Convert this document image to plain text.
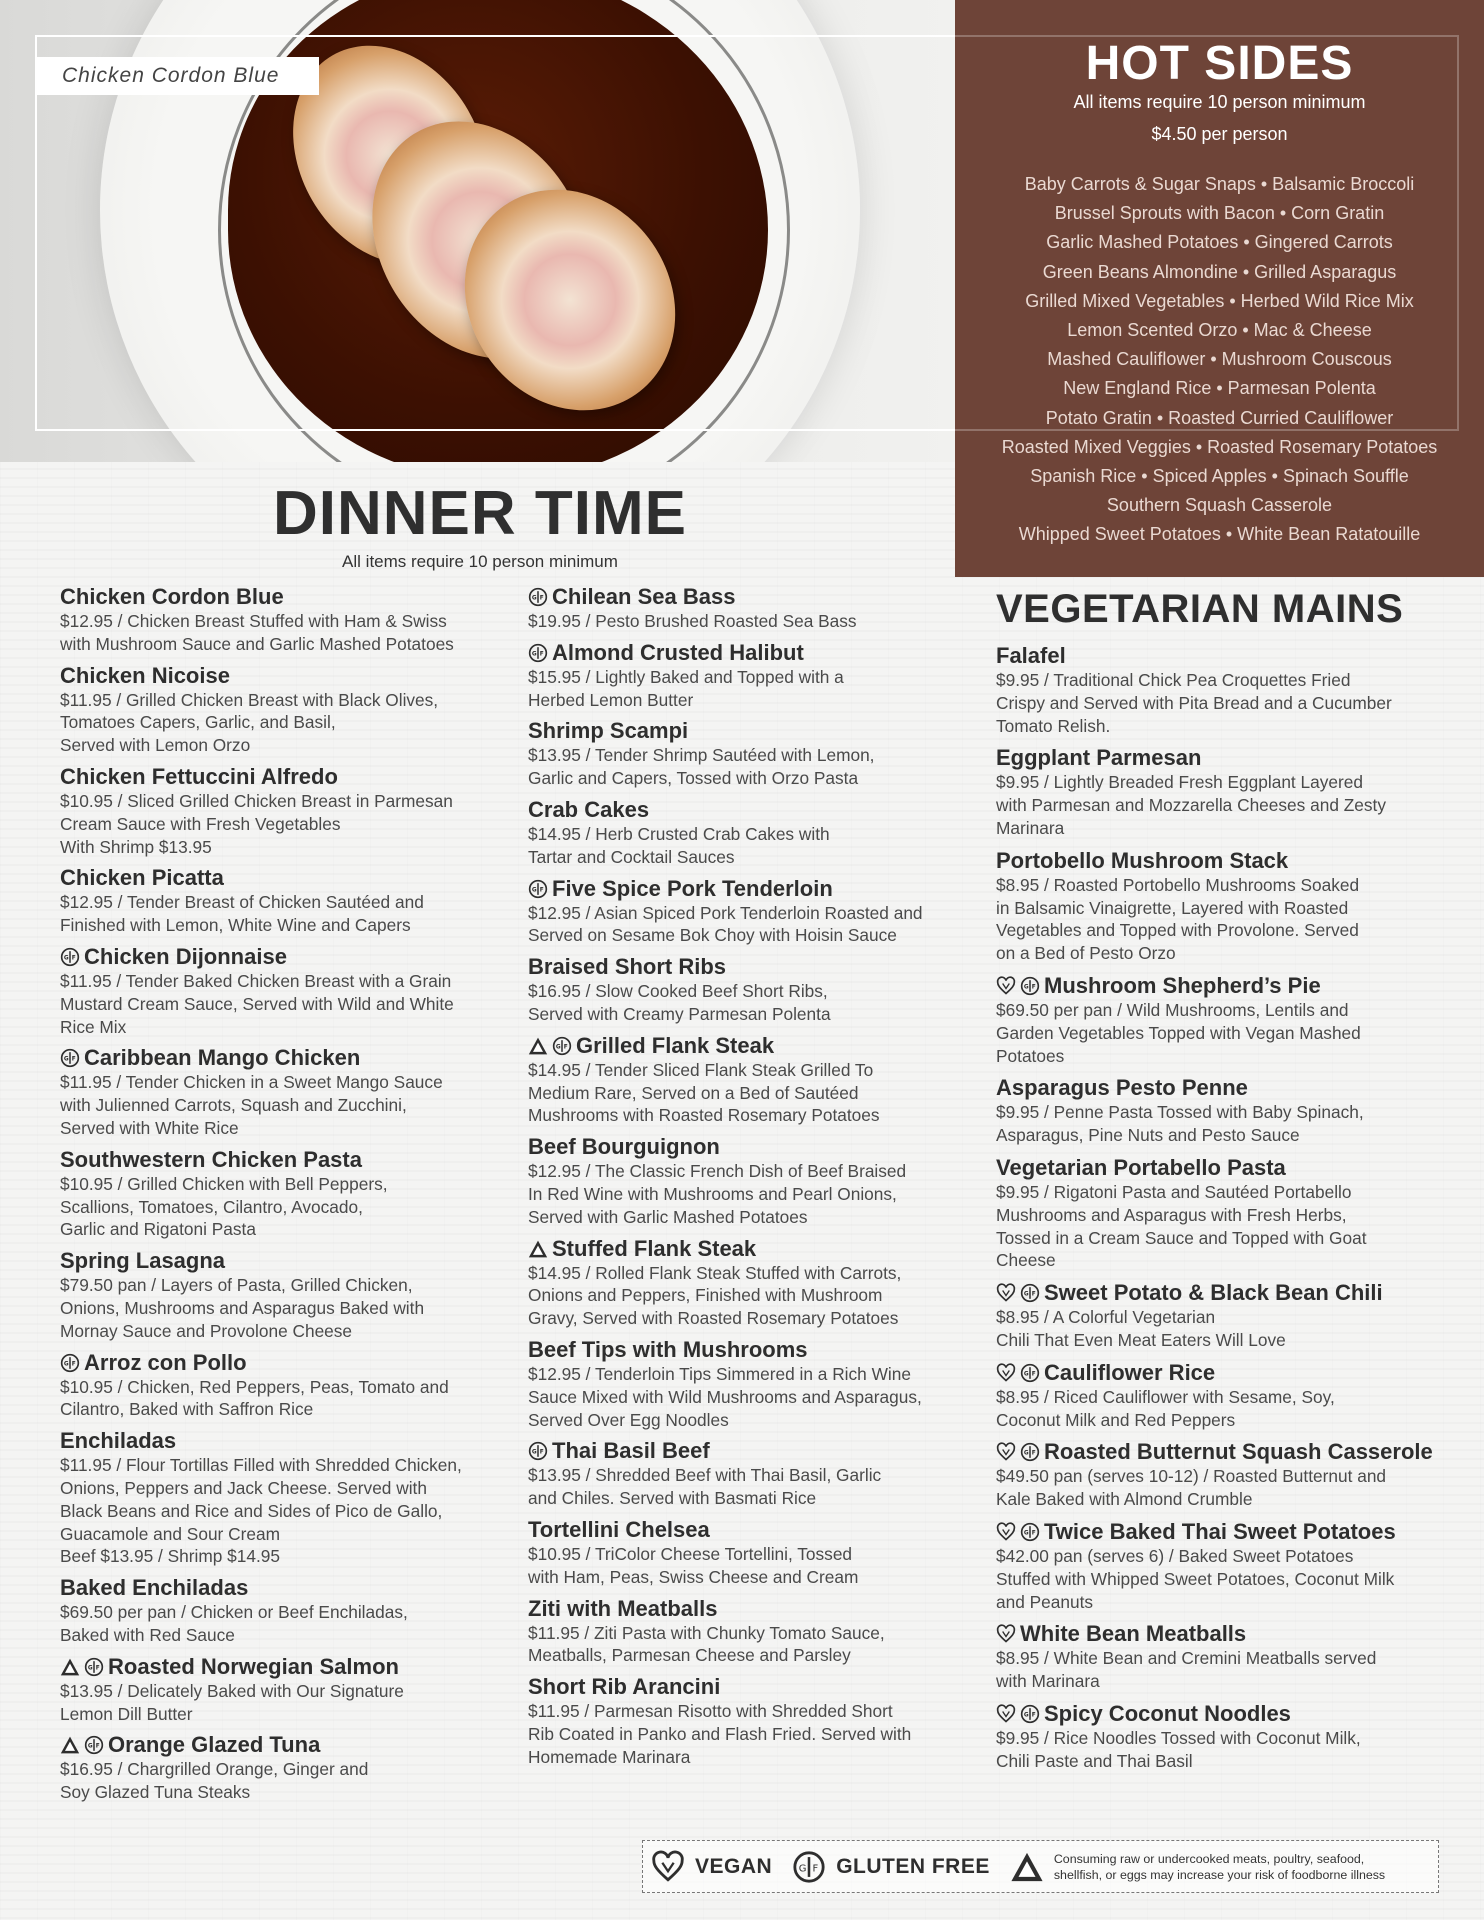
Chicken Cordon Blue	HOT SIDES
All items require 10 person minimum
$4.50 per person
Baby Carrots & Sugar Snaps • Balsamic Broccoli
Brussel Sprouts with Bacon • Corn Gratin
Garlic Mashed Potatoes • Gingered Carrots
Green Beans Almondine • Grilled Asparagus
Grilled Mixed Vegetables • Herbed Wild Rice Mix
Lemon Scented Orzo • Mac & Cheese
Mashed Cauliflower • Mushroom Couscous
New England Rice • Parmesan Polenta
Potato Gratin • Roasted Curried Cauliflower
Roasted Mixed Veggies • Roasted Rosemary Potatoes
Spanish Rice • Spiced Apples • Spinach Souffle
Southern Squash Casserole
Whipped Sweet Potatoes • White Bean Ratatouille
DINNER TIME
All items require 10 person minimum
Chicken Cordon Blue
$12.95 / Chicken Breast Stuffed with Ham & Swiss
with Mushroom Sauce and Garlic Mashed Potatoes
Chicken Nicoise
$11.95 / Grilled Chicken Breast with Black Olives,
Tomatoes Capers, Garlic, and Basil,
Served with Lemon Orzo
Chicken Fettuccini Alfredo
$10.95 / Sliced Grilled Chicken Breast in Parmesan
Cream Sauce with Fresh Vegetables
With Shrimp $13.95
Chicken Picatta
$12.95 / Tender Breast of Chicken Sautéed and
Finished with Lemon, White Wine and Capers
G F Chicken Dijonnaise
$11.95 / Tender Baked Chicken Breast with a Grain
Mustard Cream Sauce, Served with Wild and White
Rice Mix
G F Caribbean Mango Chicken
$11.95 / Tender Chicken in a Sweet Mango Sauce
with Julienned Carrots, Squash and Zucchini,
Served with White Rice
Southwestern Chicken Pasta
$10.95 / Grilled Chicken with Bell Peppers,
Scallions, Tomatoes, Cilantro, Avocado,
Garlic and Rigatoni Pasta
Spring Lasagna
$79.50 pan / Layers of Pasta, Grilled Chicken,
Onions, Mushrooms and Asparagus Baked with
Mornay Sauce and Provolone Cheese
G F Arroz con Pollo
$10.95 / Chicken, Red Peppers, Peas, Tomato and
Cilantro, Baked with Saffron Rice
Enchiladas
$11.95 / Flour Tortillas Filled with Shredded Chicken,
Onions, Peppers and Jack Cheese. Served with
Black Beans and Rice and Sides of Pico de Gallo,
Guacamole and Sour Cream
Beef $13.95 / Shrimp $14.95
Baked Enchiladas
$69.50 per pan / Chicken or Beef Enchiladas,
Baked with Red Sauce
G F Roasted Norwegian Salmon
$13.95 / Delicately Baked with Our Signature
Lemon Dill Butter
G F Orange Glazed Tuna
$16.95 / Chargrilled Orange, Ginger and
Soy Glazed Tuna Steaks
G F Chilean Sea Bass
$19.95 / Pesto Brushed Roasted Sea Bass
G F Almond Crusted Halibut
$15.95 / Lightly Baked and Topped with a
Herbed Lemon Butter
Shrimp Scampi
$13.95 / Tender Shrimp Sautéed with Lemon,
Garlic and Capers, Tossed with Orzo Pasta
Crab Cakes
$14.95 / Herb Crusted Crab Cakes with
Tartar and Cocktail Sauces
G F Five Spice Pork Tenderloin
$12.95 / Asian Spiced Pork Tenderloin Roasted and
Served on Sesame Bok Choy with Hoisin Sauce
Braised Short Ribs
$16.95 / Slow Cooked Beef Short Ribs,
Served with Creamy Parmesan Polenta
G F Grilled Flank Steak
$14.95 / Tender Sliced Flank Steak Grilled To
Medium Rare, Served on a Bed of Sautéed
Mushrooms with Roasted Rosemary Potatoes
Beef Bourguignon
$12.95 / The Classic French Dish of Beef Braised
In Red Wine with Mushrooms and Pearl Onions,
Served with Garlic Mashed Potatoes
Stuffed Flank Steak
$14.95 / Rolled Flank Steak Stuffed with Carrots,
Onions and Peppers, Finished with Mushroom
Gravy, Served with Roasted Rosemary Potatoes
Beef Tips with Mushrooms
$12.95 / Tenderloin Tips Simmered in a Rich Wine
Sauce Mixed with Wild Mushrooms and Asparagus,
Served Over Egg Noodles
G F Thai Basil Beef
$13.95 / Shredded Beef with Thai Basil, Garlic
and Chiles. Served with Basmati Rice
Tortellini Chelsea
$10.95 / TriColor Cheese Tortellini, Tossed
with Ham, Peas, Swiss Cheese and Cream
Ziti with Meatballs
$11.95 / Ziti Pasta with Chunky Tomato Sauce,
Meatballs, Parmesan Cheese and Parsley
Short Rib Arancini
$11.95 / Parmesan Risotto with Shredded Short
Rib Coated in Panko and Flash Fried. Served with
Homemade Marinara
VEGETARIAN MAINS
Falafel
$9.95 / Traditional Chick Pea Croquettes Fried
Crispy and Served with Pita Bread and a Cucumber
Tomato Relish.
Eggplant Parmesan
$9.95 / Lightly Breaded Fresh Eggplant Layered
with Parmesan and Mozzarella Cheeses and Zesty
Marinara
Portobello Mushroom Stack
$8.95 / Roasted Portobello Mushrooms Soaked
in Balsamic Vinaigrette, Layered with Roasted
Vegetables and Topped with Provolone. Served
on a Bed of Pesto Orzo
G F Mushroom Shepherd’s Pie
$69.50 per pan / Wild Mushrooms, Lentils and
Garden Vegetables Topped with Vegan Mashed
Potatoes
Asparagus Pesto Penne
$9.95 / Penne Pasta Tossed with Baby Spinach,
Asparagus, Pine Nuts and Pesto Sauce
Vegetarian Portabello Pasta
$9.95 / Rigatoni Pasta and Sautéed Portabello
Mushrooms and Asparagus with Fresh Herbs,
Tossed in a Cream Sauce and Topped with Goat
Cheese
G F Sweet Potato & Black Bean Chili
$8.95 / A Colorful Vegetarian
Chili That Even Meat Eaters Will Love
G F Cauliflower Rice
$8.95 / Riced Cauliflower with Sesame, Soy,
Coconut Milk and Red Peppers
G F Roasted Butternut Squash Casserole
$49.50 pan (serves 10-12) / Roasted Butternut and
Kale Baked with Almond Crumble
G F Twice Baked Thai Sweet Potatoes
$42.00 pan (serves 6) / Baked Sweet Potatoes
Stuffed with Whipped Sweet Potatoes, Coconut Milk
and Peanuts
White Bean Meatballs
$8.95 / White Bean and Cremini Meatballs served
with Marinara
G F Spicy Coconut Noodles
$9.95 / Rice Noodles Tossed with Coconut Milk,
Chili Paste and Thai Basil
VEGAN	G F GLUTEN FREE	Consuming raw or undercooked meats, poultry, seafood,
shellfish, or eggs may increase your risk of foodborne illness
